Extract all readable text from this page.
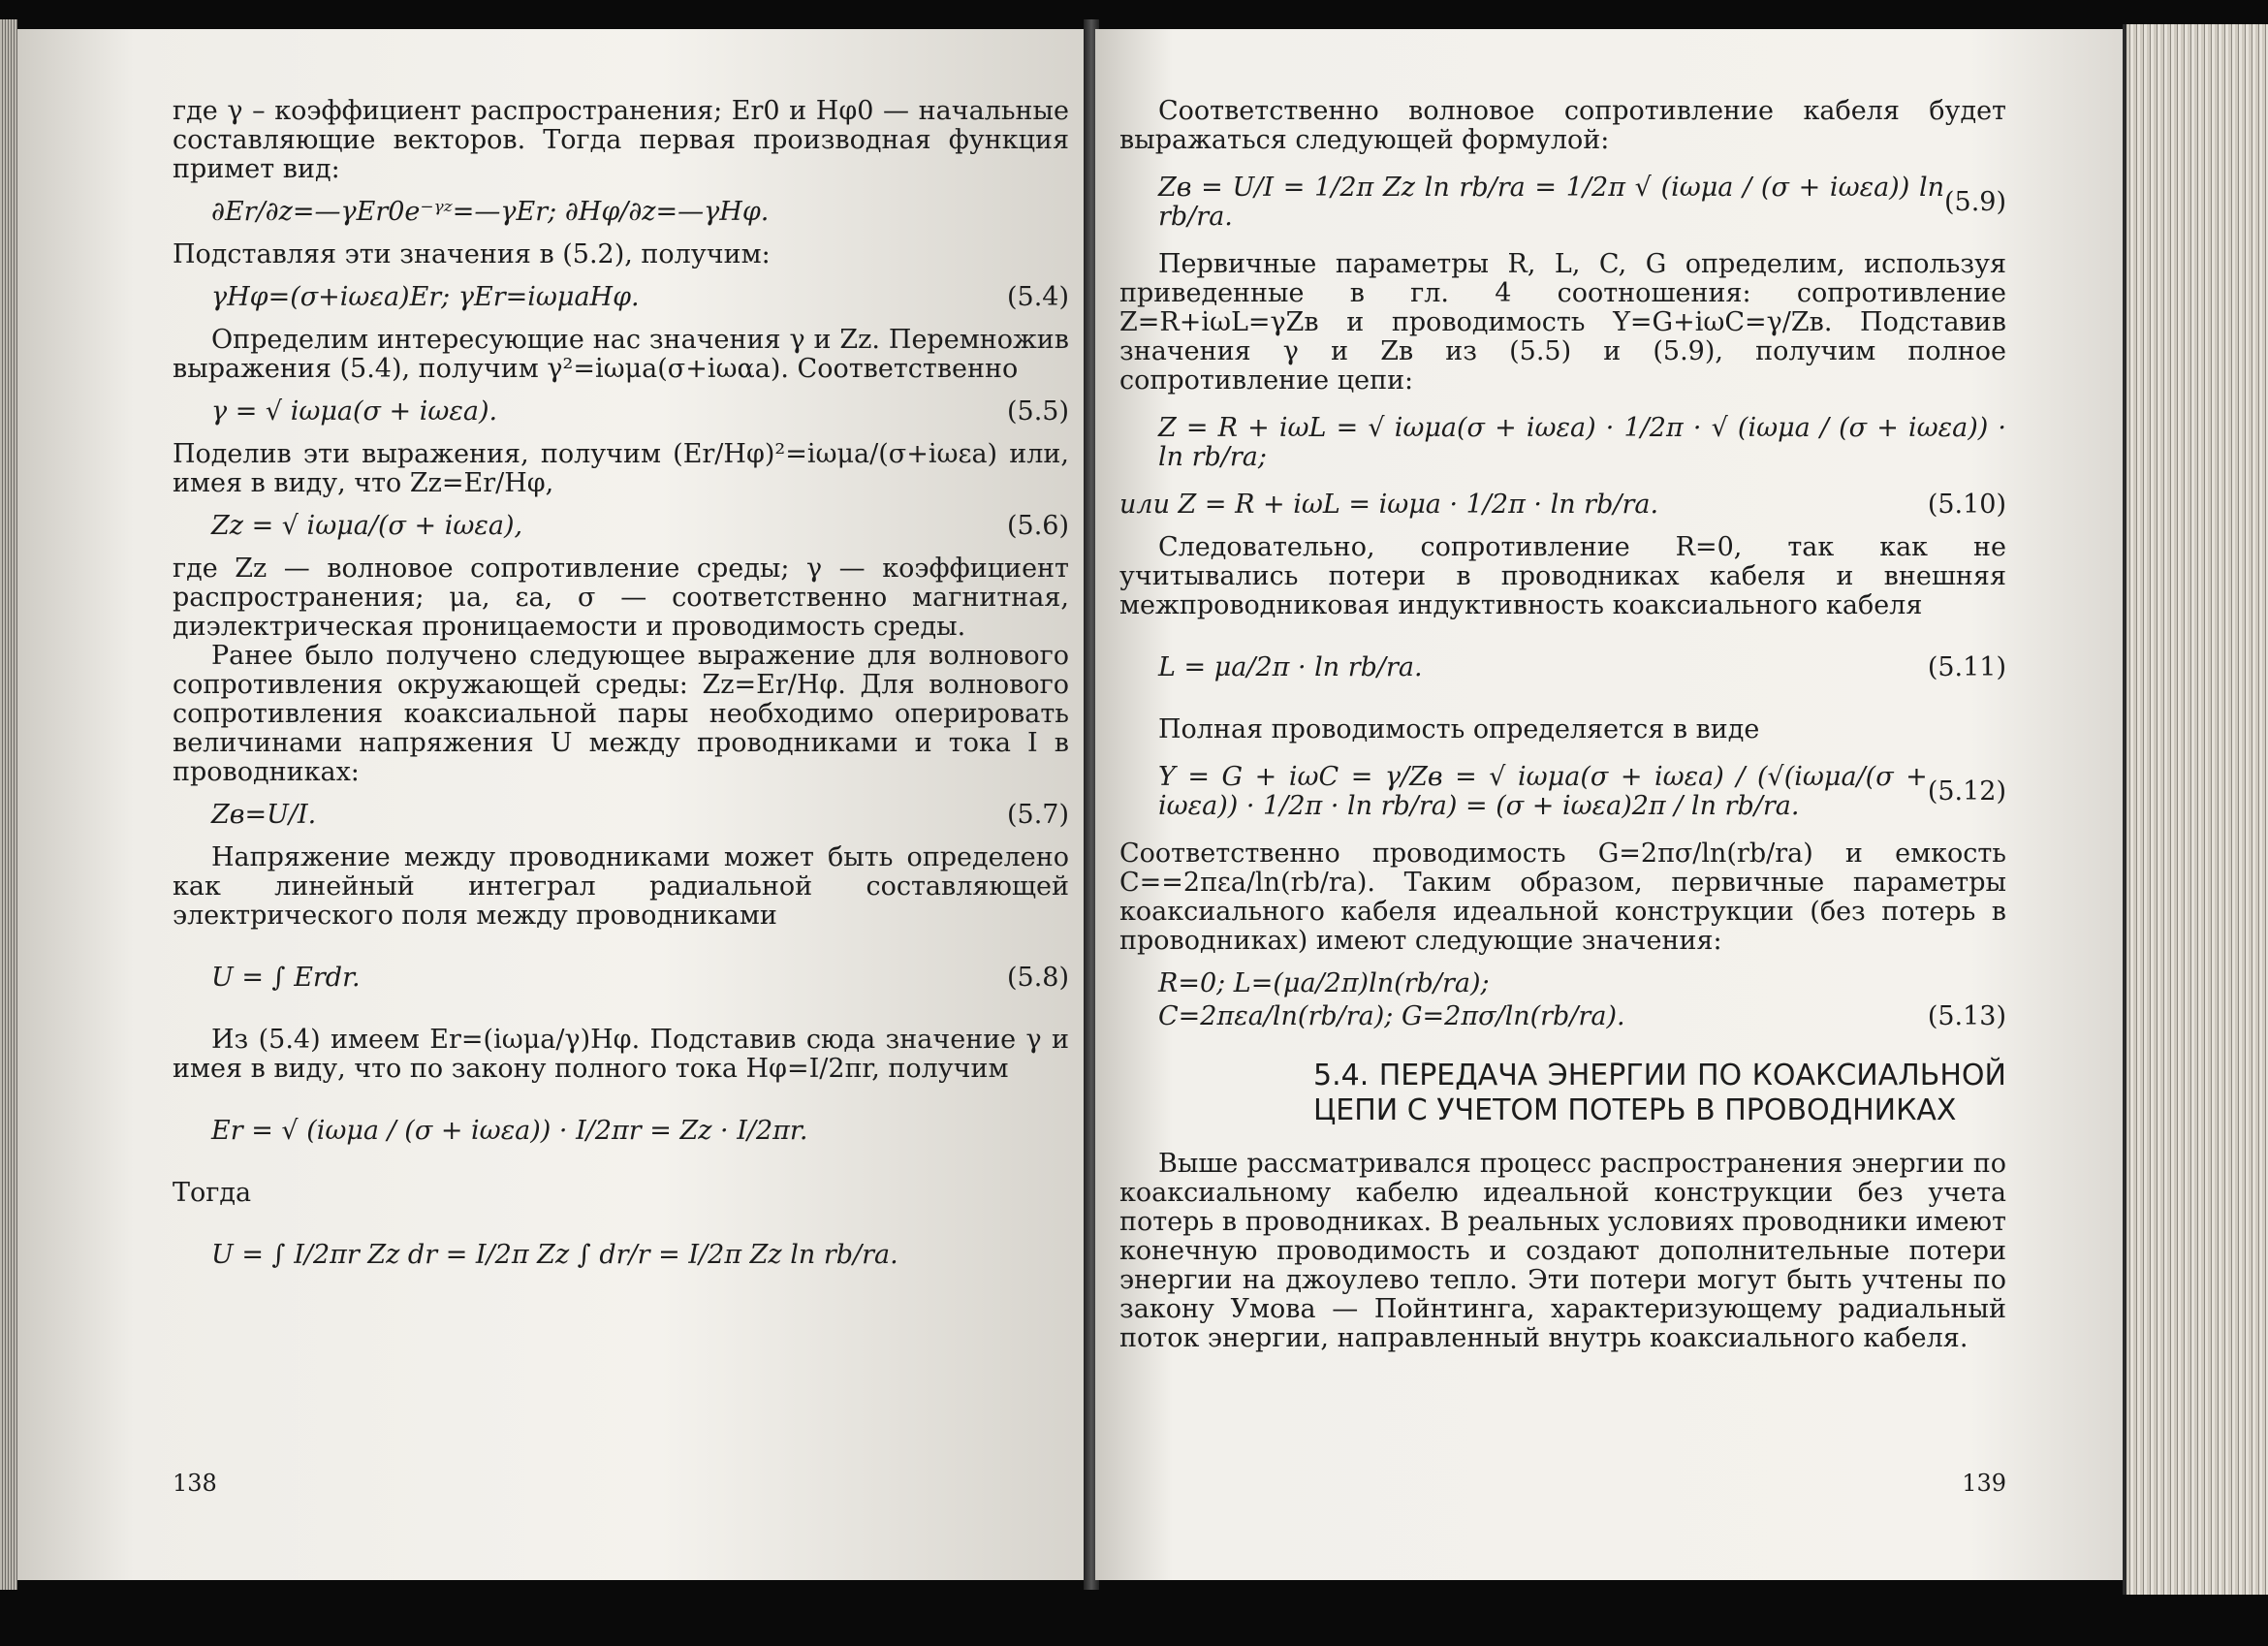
где γ – коэффициент распространения; Er0 и Hφ0 — начальные составляющие векторов. Тогда первая производная функция примет вид:

∂Er/∂z=—γEr0e⁻ᵞᶻ=—γEr; ∂Hφ/∂z=—γHφ.

Подставляя эти значения в (5.2), получим:

γHφ=(σ+iωεa)Er; γEr=iωμaHφ.	(5.4)

Определим интересующие нас значения γ и Zz. Перемножив выражения (5.4), получим γ²=iωμa(σ+iωαa). Соответственно

γ = √ iωμa(σ + iωεa).	(5.5)

Поделив эти выражения, получим (Er/Hφ)²=iωμa/(σ+iωεa) или, имея в виду, что Zz=Er/Hφ,

Zz = √ iωμa/(σ + iωεa),	(5.6)

где Zz — волновое сопротивление среды; γ — коэффициент распространения; μa, εa, σ — соответственно магнитная, диэлектрическая проницаемости и проводимость среды.

Ранее было получено следующее выражение для волнового сопротивления окружающей среды: Zz=Er/Hφ. Для волнового сопротивления коаксиальной пары необходимо оперировать величинами напряжения U между проводниками и тока I в проводниках:

Zв=U/I.	(5.7)

Напряжение между проводниками может быть определено как линейный интеграл радиальной составляющей электрического поля между проводниками

U = ∫ Erdr.	(5.8)

Из (5.4) имеем Er=(iωμa/γ)Hφ. Подставив сюда значение γ и имея в виду, что по закону полного тока Hφ=I/2πr, получим

Er = √ (iωμa / (σ + iωεa)) · I/2πr = Zz · I/2πr.

Тогда

U = ∫ I/2πr Zz dr = I/2π Zz ∫ dr/r = I/2π Zz ln rb/ra.
138

Соответственно волновое сопротивление кабеля будет выражаться следующей формулой:

Zв = U/I = 1/2π Zz ln rb/ra = 1/2π √ (iωμa / (σ + iωεa)) ln rb/ra.	(5.9)

Первичные параметры R, L, C, G определим, используя приведенные в гл. 4 соотношения: сопротивление Z=R+iωL=γZв и проводимость Y=G+iωC=γ/Zв. Подставив значения γ и Zв из (5.5) и (5.9), получим полное сопротивление цепи:

Z = R + iωL = √ iωμa(σ + iωεa) · 1/2π · √ (iωμa / (σ + iωεa)) · ln rb/ra;
или Z = R + iωL = iωμa · 1/2π · ln rb/ra.	(5.10)

Следовательно, сопротивление R=0, так как не учитывались потери в проводниках кабеля и внешняя межпроводниковая индуктивность коаксиального кабеля

L = μa/2π · ln rb/ra.	(5.11)

Полная проводимость определяется в виде

Y = G + iωC = γ/Zв = √ iωμa(σ + iωεa) / (√(iωμa/(σ + iωεa)) · 1/2π · ln rb/ra) = (σ + iωεa)2π / ln rb/ra.	(5.12)

Соответственно проводимость G=2πσ/ln(rb/ra) и емкость C==2πεa/ln(rb/ra). Таким образом, первичные параметры коаксиального кабеля идеальной конструкции (без потерь в проводниках) имеют следующие значения:

R=0; L=(μa/2π)ln(rb/ra);
C=2πεa/ln(rb/ra); G=2πσ/ln(rb/ra).	(5.13)
5.4. ПЕРЕДАЧА ЭНЕРГИИ ПО КОАКСИАЛЬНОЙ ЦЕПИ С УЧЕТОМ ПОТЕРЬ В ПРОВОДНИКАХ

Выше рассматривался процесс распространения энергии по коаксиальному кабелю идеальной конструкции без учета потерь в проводниках. В реальных условиях проводники имеют конечную проводимость и создают дополнительные потери энергии на джоулево тепло. Эти потери могут быть учтены по закону Умова — Пойнтинга, характеризующему радиальный поток энергии, направленный внутрь коаксиального кабеля.

139
